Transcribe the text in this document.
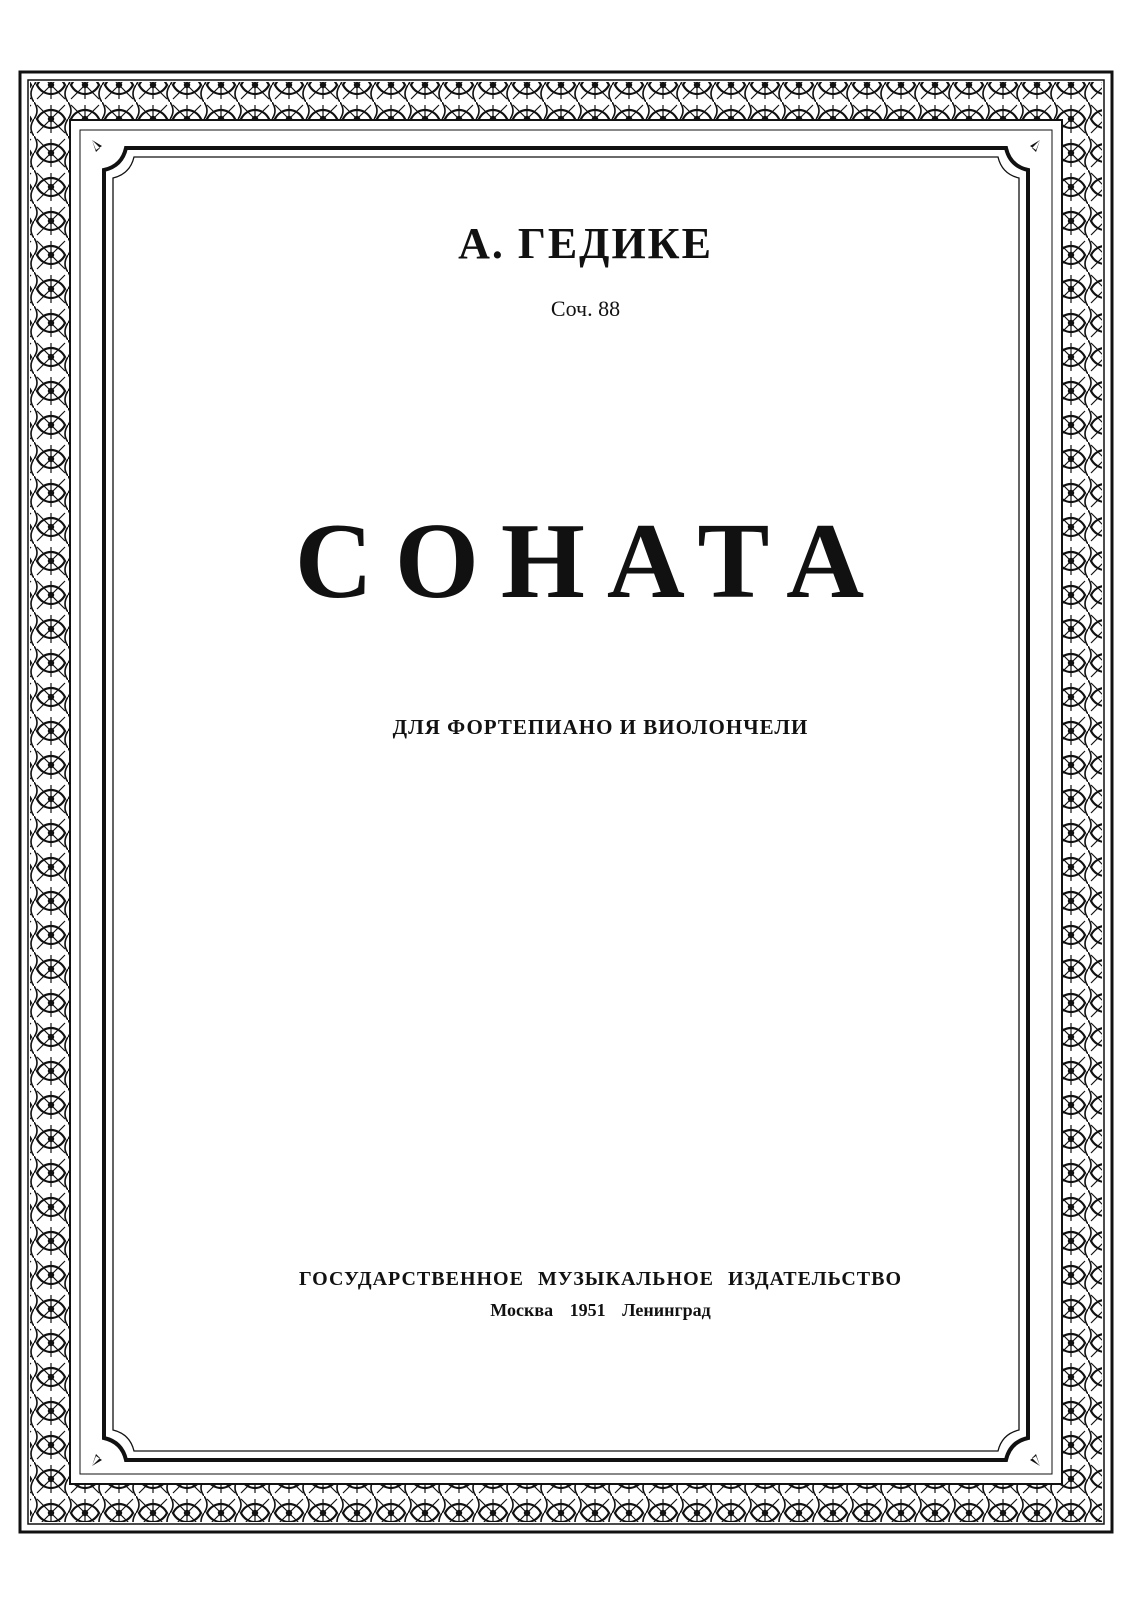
А. ГЕДИКЕ
Соч. 88
СОНАТА
ДЛЯ ФОРТЕПИАНО И ВИОЛОНЧЕЛИ
ГОСУДАРСТВЕННОЕ МУЗЫКАЛЬНОЕ ИЗДАТЕЛЬСТВО
Москва 1951 Ленинград
